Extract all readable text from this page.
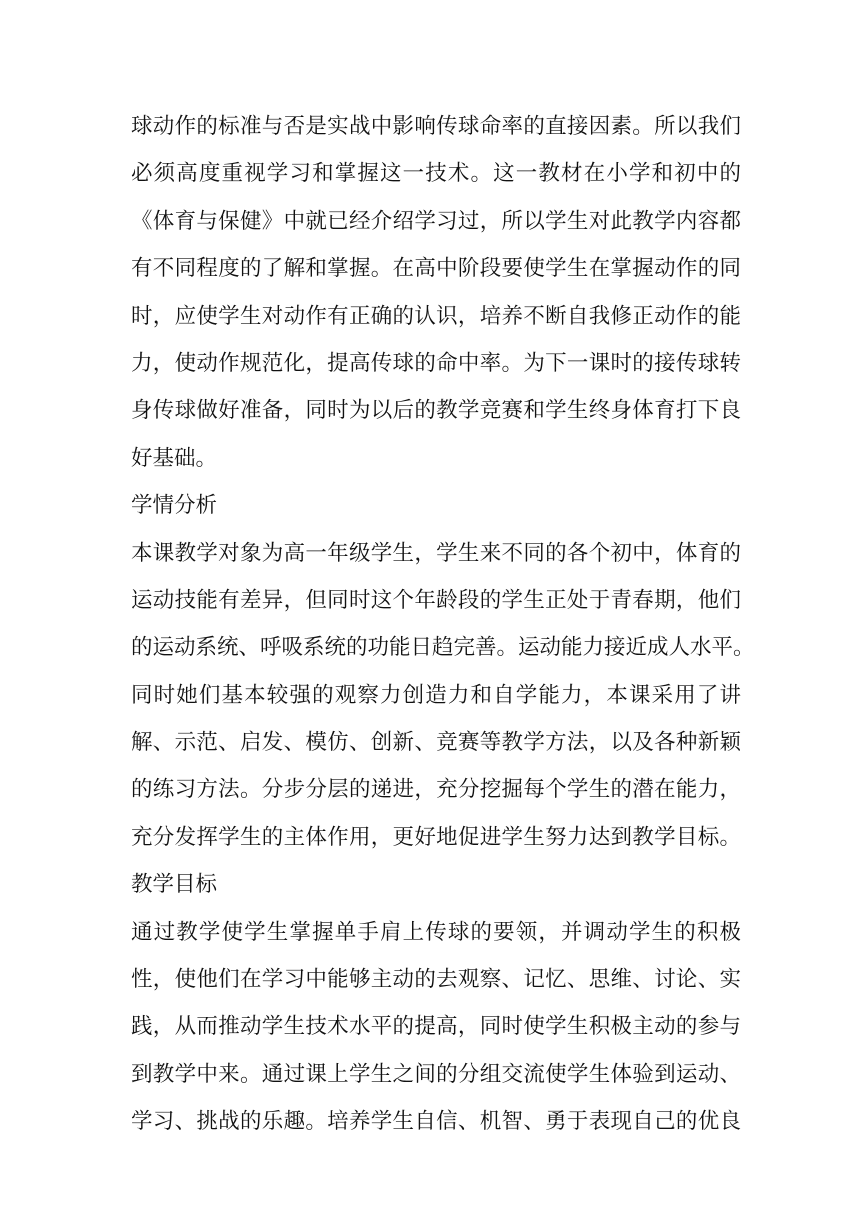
球动作的标准与否是实战中影响传球命率的直接因素。所以我们
必须高度重视学习和掌握这一技术。这一教材在小学和初中的
《体育与保健》中就已经介绍学习过，所以学生对此教学内容都
有不同程度的了解和掌握。在高中阶段要使学生在掌握动作的同
时，应使学生对动作有正确的认识，培养不断自我修正动作的能
力，使动作规范化，提高传球的命中率。为下一课时的接传球转
身传球做好准备，同时为以后的教学竞赛和学生终身体育打下良
好基础。
学情分析
本课教学对象为高一年级学生，学生来不同的各个初中，体育的
运动技能有差异，但同时这个年龄段的学生正处于青春期，他们
的运动系统、呼吸系统的功能日趋完善。运动能力接近成人水平。
同时她们基本较强的观察力创造力和自学能力，本课采用了讲
解、示范、启发、模仿、创新、竞赛等教学方法，以及各种新颖
的练习方法。分步分层的递进，充分挖掘每个学生的潜在能力，
充分发挥学生的主体作用，更好地促进学生努力达到教学目标。
教学目标
通过教学使学生掌握单手肩上传球的要领，并调动学生的积极
性，使他们在学习中能够主动的去观察、记忆、思维、讨论、实
践，从而推动学生技术水平的提高，同时使学生积极主动的参与
到教学中来。通过课上学生之间的分组交流使学生体验到运动、
学习、挑战的乐趣。培养学生自信、机智、勇于表现自己的优良
